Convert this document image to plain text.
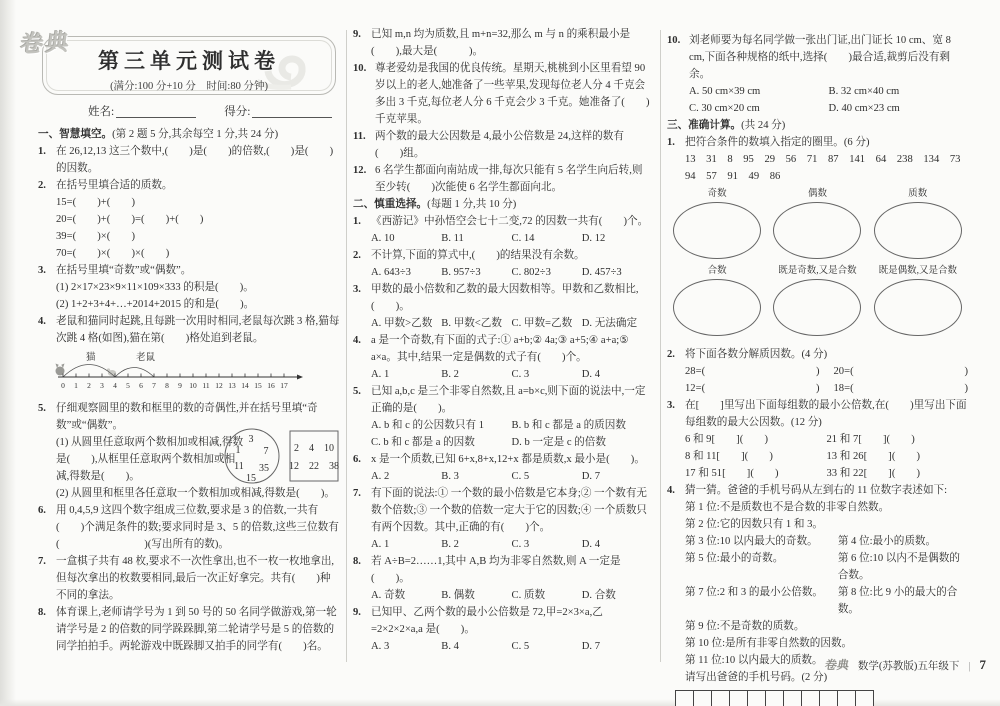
卷典
第三单元测试卷
(满分:100 分+10 分　时间:80 分钟)
姓名:	得分:
一、智慧填空。(第 2 题 5 分,其余每空 1 分,共 24 分)
1. 在 26,12,13 这三个数中,(　　)是(　　)的倍数,(　　)是(　　)的因数。
2. 在括号里填合适的质数。
15=(　　)+(　　)
20=(　　)+(　　)=(　　)+(　　)
39=(　　)×(　　)
70=(　　)×(　　)×(　　)
3. 在括号里填“奇数”或“偶数”。
(1) 2×17×23×9×11×109×333 的积是(　　)。
(2) 1+2+3+4+…+2014+2015 的和是(　　)。
4. 老鼠和猫同时起跳,且每跳一次用时相同,老鼠每次跳 3 格,猫每次跳 4 格(如图),猫在第(　　)格处追到老鼠。
猫	老鼠
0 1 2 3 4 5 6 7 8 9 10 11 12 13 14 15 16 17
5. 仔细观察圆里的数和框里的数的奇偶性,并在括号里填“奇数”或“偶数”。
(1) 从圆里任意取两个数相加或相减,得数是(　　),从框里任意取两个数相加或相减,得数是(　　)。
3
1 7
11 35
15
2　4　10
12　22　38
(2) 从圆里和框里各任意取一个数相加或相减,得数是(　　)。
6. 用 0,4,5,9 这四个数字组成三位数,要求是 3 的倍数,一共有(　　)个满足条件的数;要求同时是 3、5 的倍数,这些三位数有(　　　　　　　　)(写出所有的数)。
7. 一盒棋子共有 48 枚,要求不一次性拿出,也不一枚一枚地拿出,但每次拿出的枚数要相同,最后一次正好拿完。共有(　　)种不同的拿法。
8. 体育课上,老师请学号为 1 到 50 号的 50 名同学做游戏,第一轮请学号是 2 的倍数的同学跺跺脚,第二轮请学号是 5 的倍数的同学拍拍手。两轮游戏中既跺脚又拍手的同学有(　　)名。
9. 已知 m,n 均为质数,且 m+n=32,那么 m 与 n 的乘积最小是(　　),最大是(　　　)。
10. 尊老爱幼是我国的优良传统。星期天,桃桃到小区里看望 90 岁以上的老人,她准备了一些苹果,发现每位老人分 4 千克会多出 3 千克,每位老人分 6 千克会少 3 千克。她准备了(　　)千克苹果。
11. 两个数的最大公因数是 4,最小公倍数是 24,这样的数有(　　)组。
12. 6 名学生都面向南站成一排,每次只能有 5 名学生向后转,则至少转(　　)次能使 6 名学生都面向北。
二、慎重选择。(每题 1 分,共 10 分)
1. 《西游记》中孙悟空会七十二变,72 的因数一共有(　　)个。
A. 10	B. 11	C. 14	D. 12
2. 不计算,下面的算式中,(　　)的结果没有余数。
A. 643÷3	B. 957÷3	C. 802÷3	D. 457÷3
3. 甲数的最小倍数和乙数的最大因数相等。甲数和乙数相比,(　　)。
A. 甲数>乙数 B. 甲数<乙数 C. 甲数=乙数 D. 无法确定
4. a 是一个奇数,有下面的式子:① a+b;② 4a;③ a+5;④ a+a;⑤ a×a。其中,结果一定是偶数的式子有(　　)个。
A. 1	B. 2	C. 3	D. 4
5. 已知 a,b,c 是三个非零自然数,且 a=b×c,则下面的说法中,一定正确的是(　　)。
A. b 和 c 的公因数只有 1	B. b 和 c 都是 a 的质因数
C. b 和 c 都是 a 的因数	D. b 一定是 c 的倍数
6. x 是一个质数,已知 6+x,8+x,12+x 都是质数,x 最小是(　　)。
A. 2	B. 3	C. 5	D. 7
7. 有下面的说法:① 一个数的最小倍数是它本身;② 一个数有无数个倍数;③ 一个数的倍数一定大于它的因数;④ 一个质数只有两个因数。其中,正确的有(　　)个。
A. 1	B. 2	C. 3	D. 4
8. 若 A÷B=2……1,其中 A,B 均为非零自然数,则 A 一定是(　　)。
A. 奇数	B. 偶数	C. 质数	D. 合数
9. 已知甲、乙两个数的最小公倍数是 72,甲=2×3×a,乙=2×2×2×a,a 是(　　)。
A. 3	B. 4	C. 5	D. 7
10. 刘老师要为每名同学做一张出门证,出门证长 10 cm、宽 8 cm,下面各种规格的纸中,选择(　　)最合适,裁剪后没有剩余。
A. 50 cm×39 cm	B. 32 cm×40 cm
C. 30 cm×20 cm	D. 40 cm×23 cm
三、准确计算。(共 24 分)
1. 把符合条件的数填入指定的圈里。(6 分)
13　31　8　95　29　56　71　87　141　64　238　134　73
94　57　91　49　86
奇数	偶数	质数
合数	既是奇数,又是合数	既是偶数,又是合数
2. 将下面各数分解质因数。(4 分)
28=(	) 20=(	)
12=(	) 18=(	)
3. 在[　　]里写出下面每组数的最小公倍数,在(　　)里写出下面每组数的最大公因数。(12 分)
6 和 9[　　](　　)	21 和 7[　　](　　)
8 和 11[　　](　　)	13 和 26[　　](　　)
17 和 51[　　](　　)	33 和 22[　　](　　)
4. 猜一猜。爸爸的手机号码从左到右的 11 位数字表述如下:
第 1 位:不是质数也不是合数的非零自然数。
第 2 位:它的因数只有 1 和 3。
第 3 位:10 以内最大的奇数。	第 4 位:最小的质数。
第 5 位:最小的奇数。	第 6 位:10 以内不是偶数的合数。
第 7 位:2 和 3 的最小公倍数。	第 8 位:比 9 小的最大的合数。
第 9 位:不是奇数的质数。
第 10 位:是所有非零自然数的因数。
第 11 位:10 以内最大的质数。
请写出爸爸的手机号码。(2 分)
卷典 数学(苏教版)五年级下 | 7
